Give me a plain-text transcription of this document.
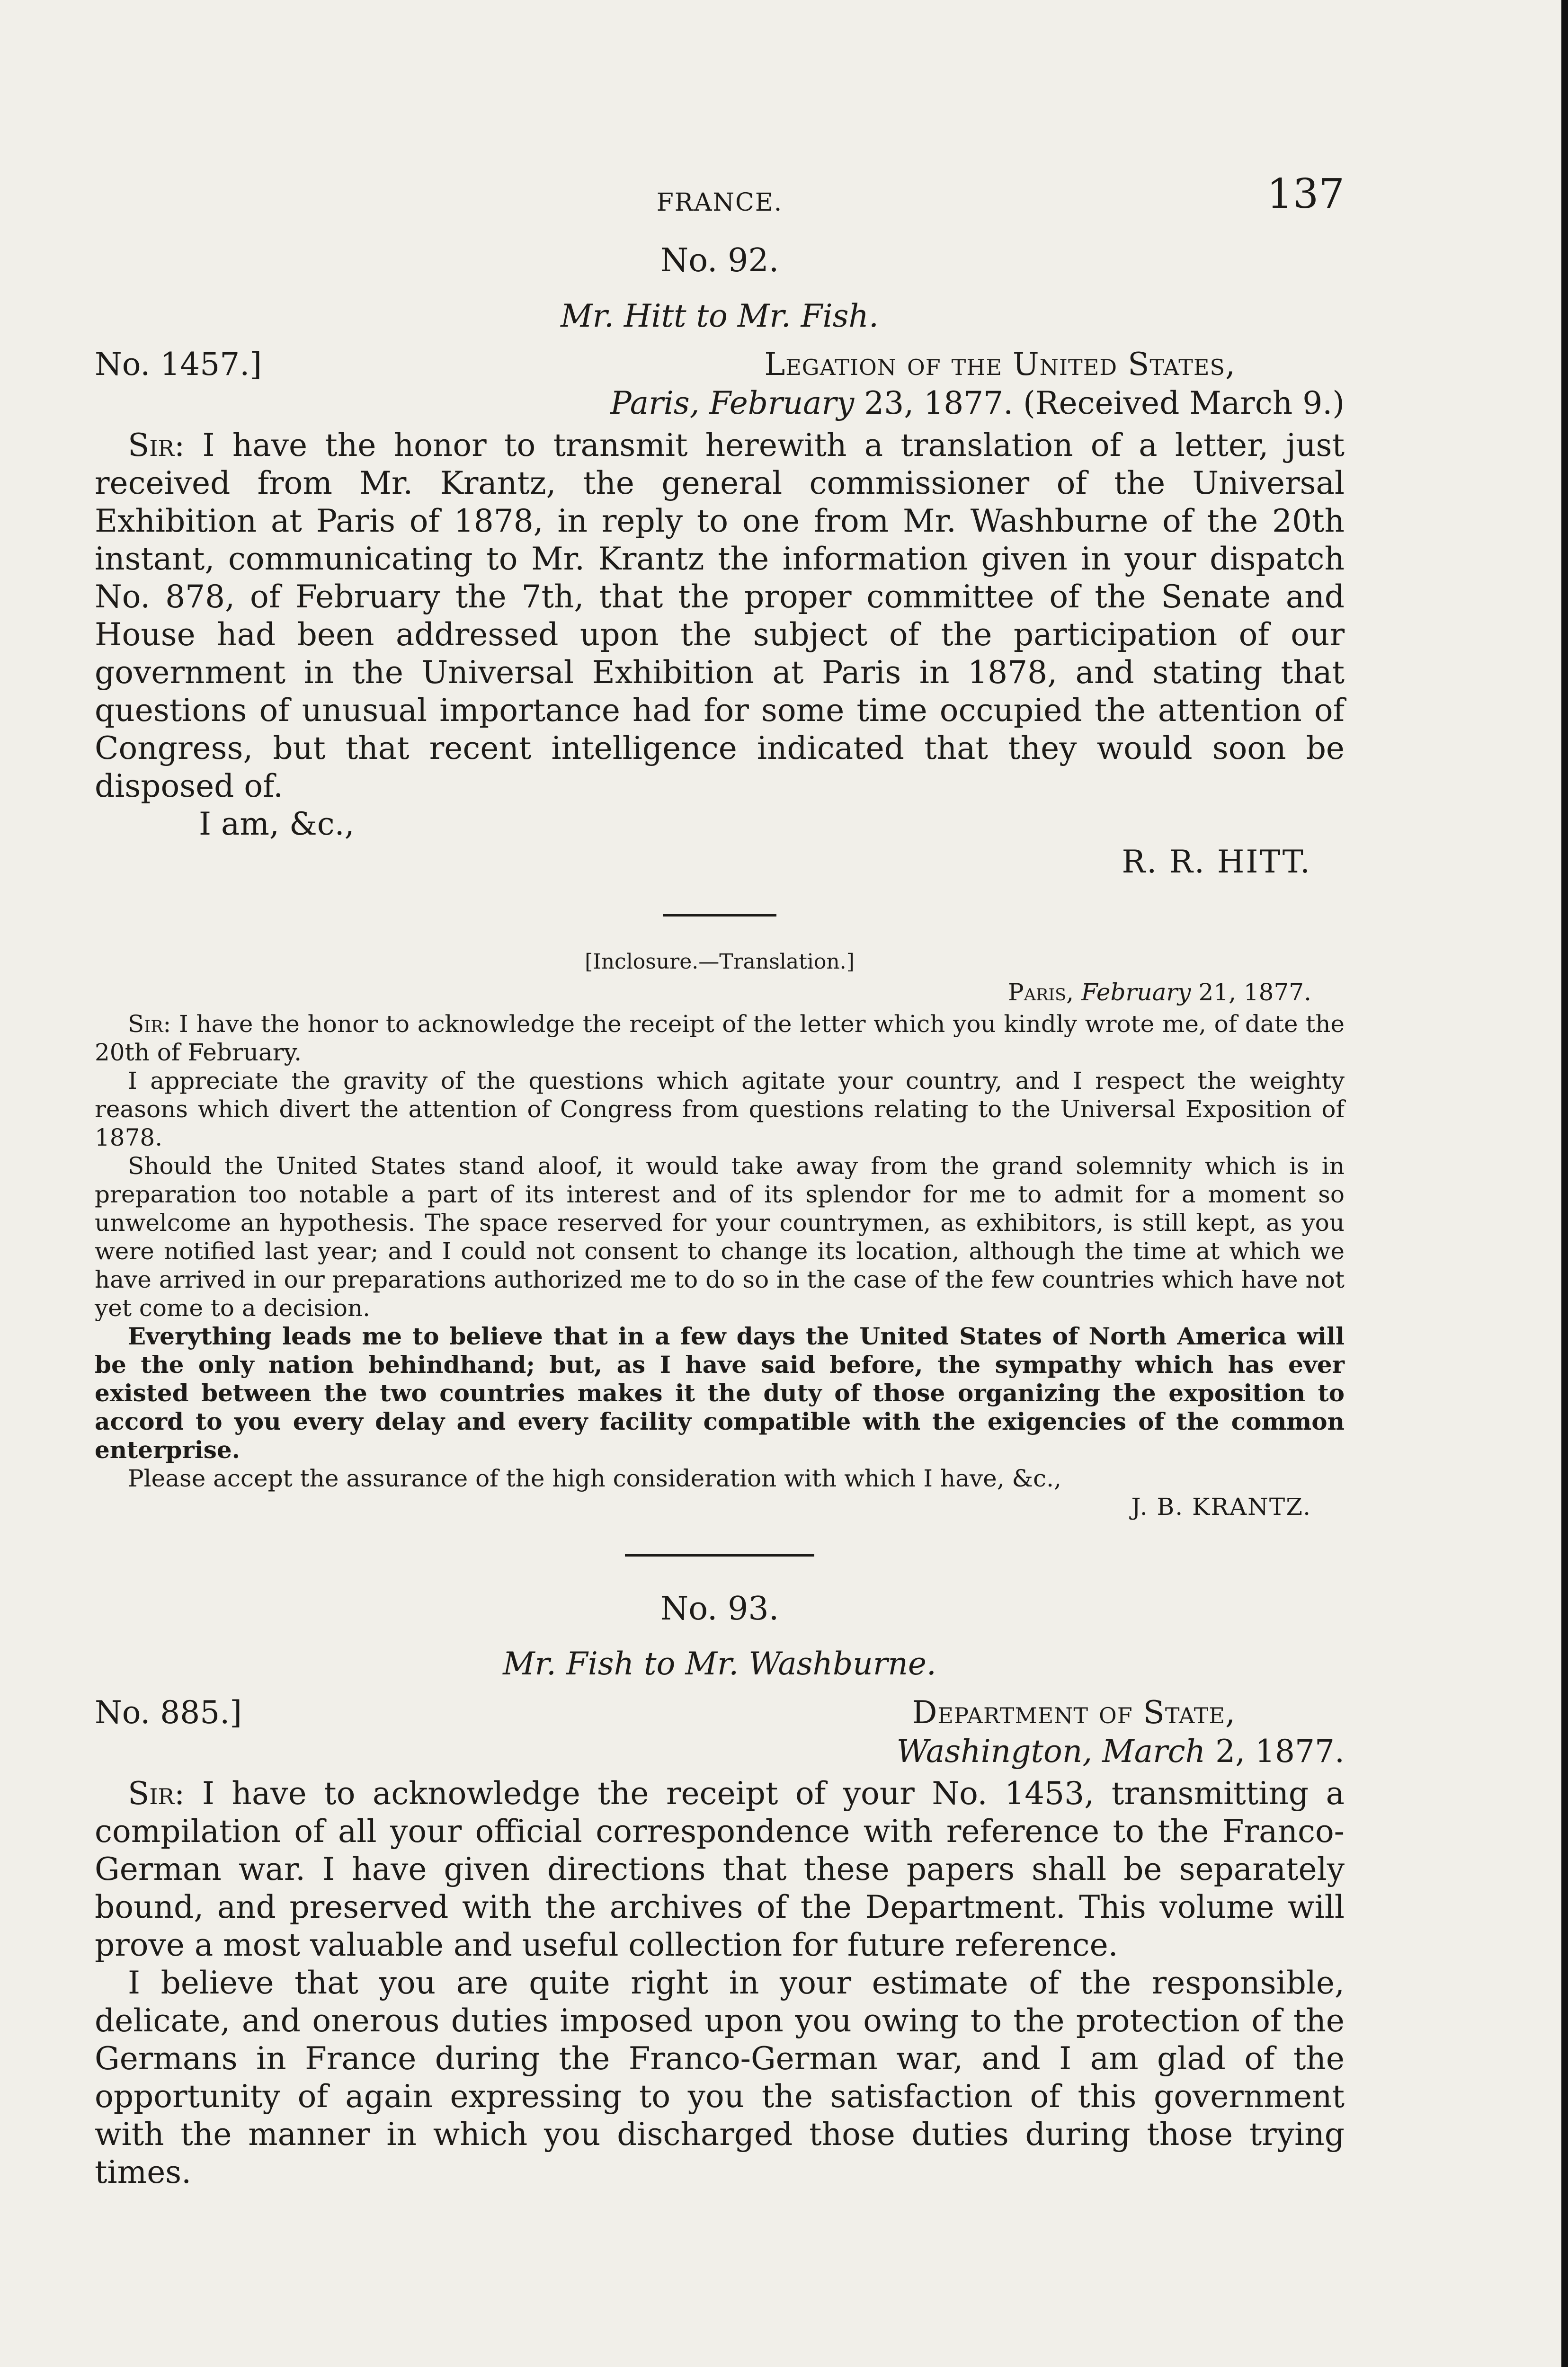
FRANCE.	137
No. 92.
Mr. Hitt to Mr. Fish.
No. 1457.]	Legation of the United States,
Paris, February 23, 1877. (Received March 9.)

Sir: I have the honor to transmit herewith a translation of a letter, just received from Mr. Krantz, the general commissioner of the Universal Exhibition at Paris of 1878, in reply to one from Mr. Washburne of the 20th instant, communicating to Mr. Krantz the information given in your dispatch No. 878, of February the 7th, that the proper committee of the Senate and House had been addressed upon the subject of the participation of our government in the Universal Exhibition at Paris in 1878, and stating that questions of unusual importance had for some time occupied the attention of Congress, but that recent intelligence indicated that they would soon be disposed of.

I am, &c.,

R. R. HITT.
[Inclosure.—Translation.]
Paris, February 21, 1877.

Sir: I have the honor to acknowledge the receipt of the letter which you kindly wrote me, of date the 20th of February.

I appreciate the gravity of the questions which agitate your country, and I respect the weighty reasons which divert the attention of Congress from questions relating to the Universal Exposition of 1878.

Should the United States stand aloof, it would take away from the grand solemnity which is in preparation too notable a part of its interest and of its splendor for me to admit for a moment so unwelcome an hypothesis. The space reserved for your countrymen, as exhibitors, is still kept, as you were notified last year; and I could not consent to change its location, although the time at which we have arrived in our preparations authorized me to do so in the case of the few countries which have not yet come to a decision.

Everything leads me to believe that in a few days the United States of North America will be the only nation behindhand; but, as I have said before, the sympathy which has ever existed between the two countries makes it the duty of those organizing the exposition to accord to you every delay and every facility compatible with the exigencies of the common enterprise.

Please accept the assurance of the high consideration with which I have, &c.,

J. B. KRANTZ.
No. 93.
Mr. Fish to Mr. Washburne.
No. 885.]	Department of State,
Washington, March 2, 1877.

Sir: I have to acknowledge the receipt of your No. 1453, transmitting a compilation of all your official correspondence with reference to the Franco-German war. I have given directions that these papers shall be separately bound, and preserved with the archives of the Department. This volume will prove a most valuable and useful collection for future reference.

I believe that you are quite right in your estimate of the responsible, delicate, and onerous duties imposed upon you owing to the protection of the Germans in France during the Franco-German war, and I am glad of the opportunity of again expressing to you the satisfaction of this government with the manner in which you discharged those duties during those trying times.
